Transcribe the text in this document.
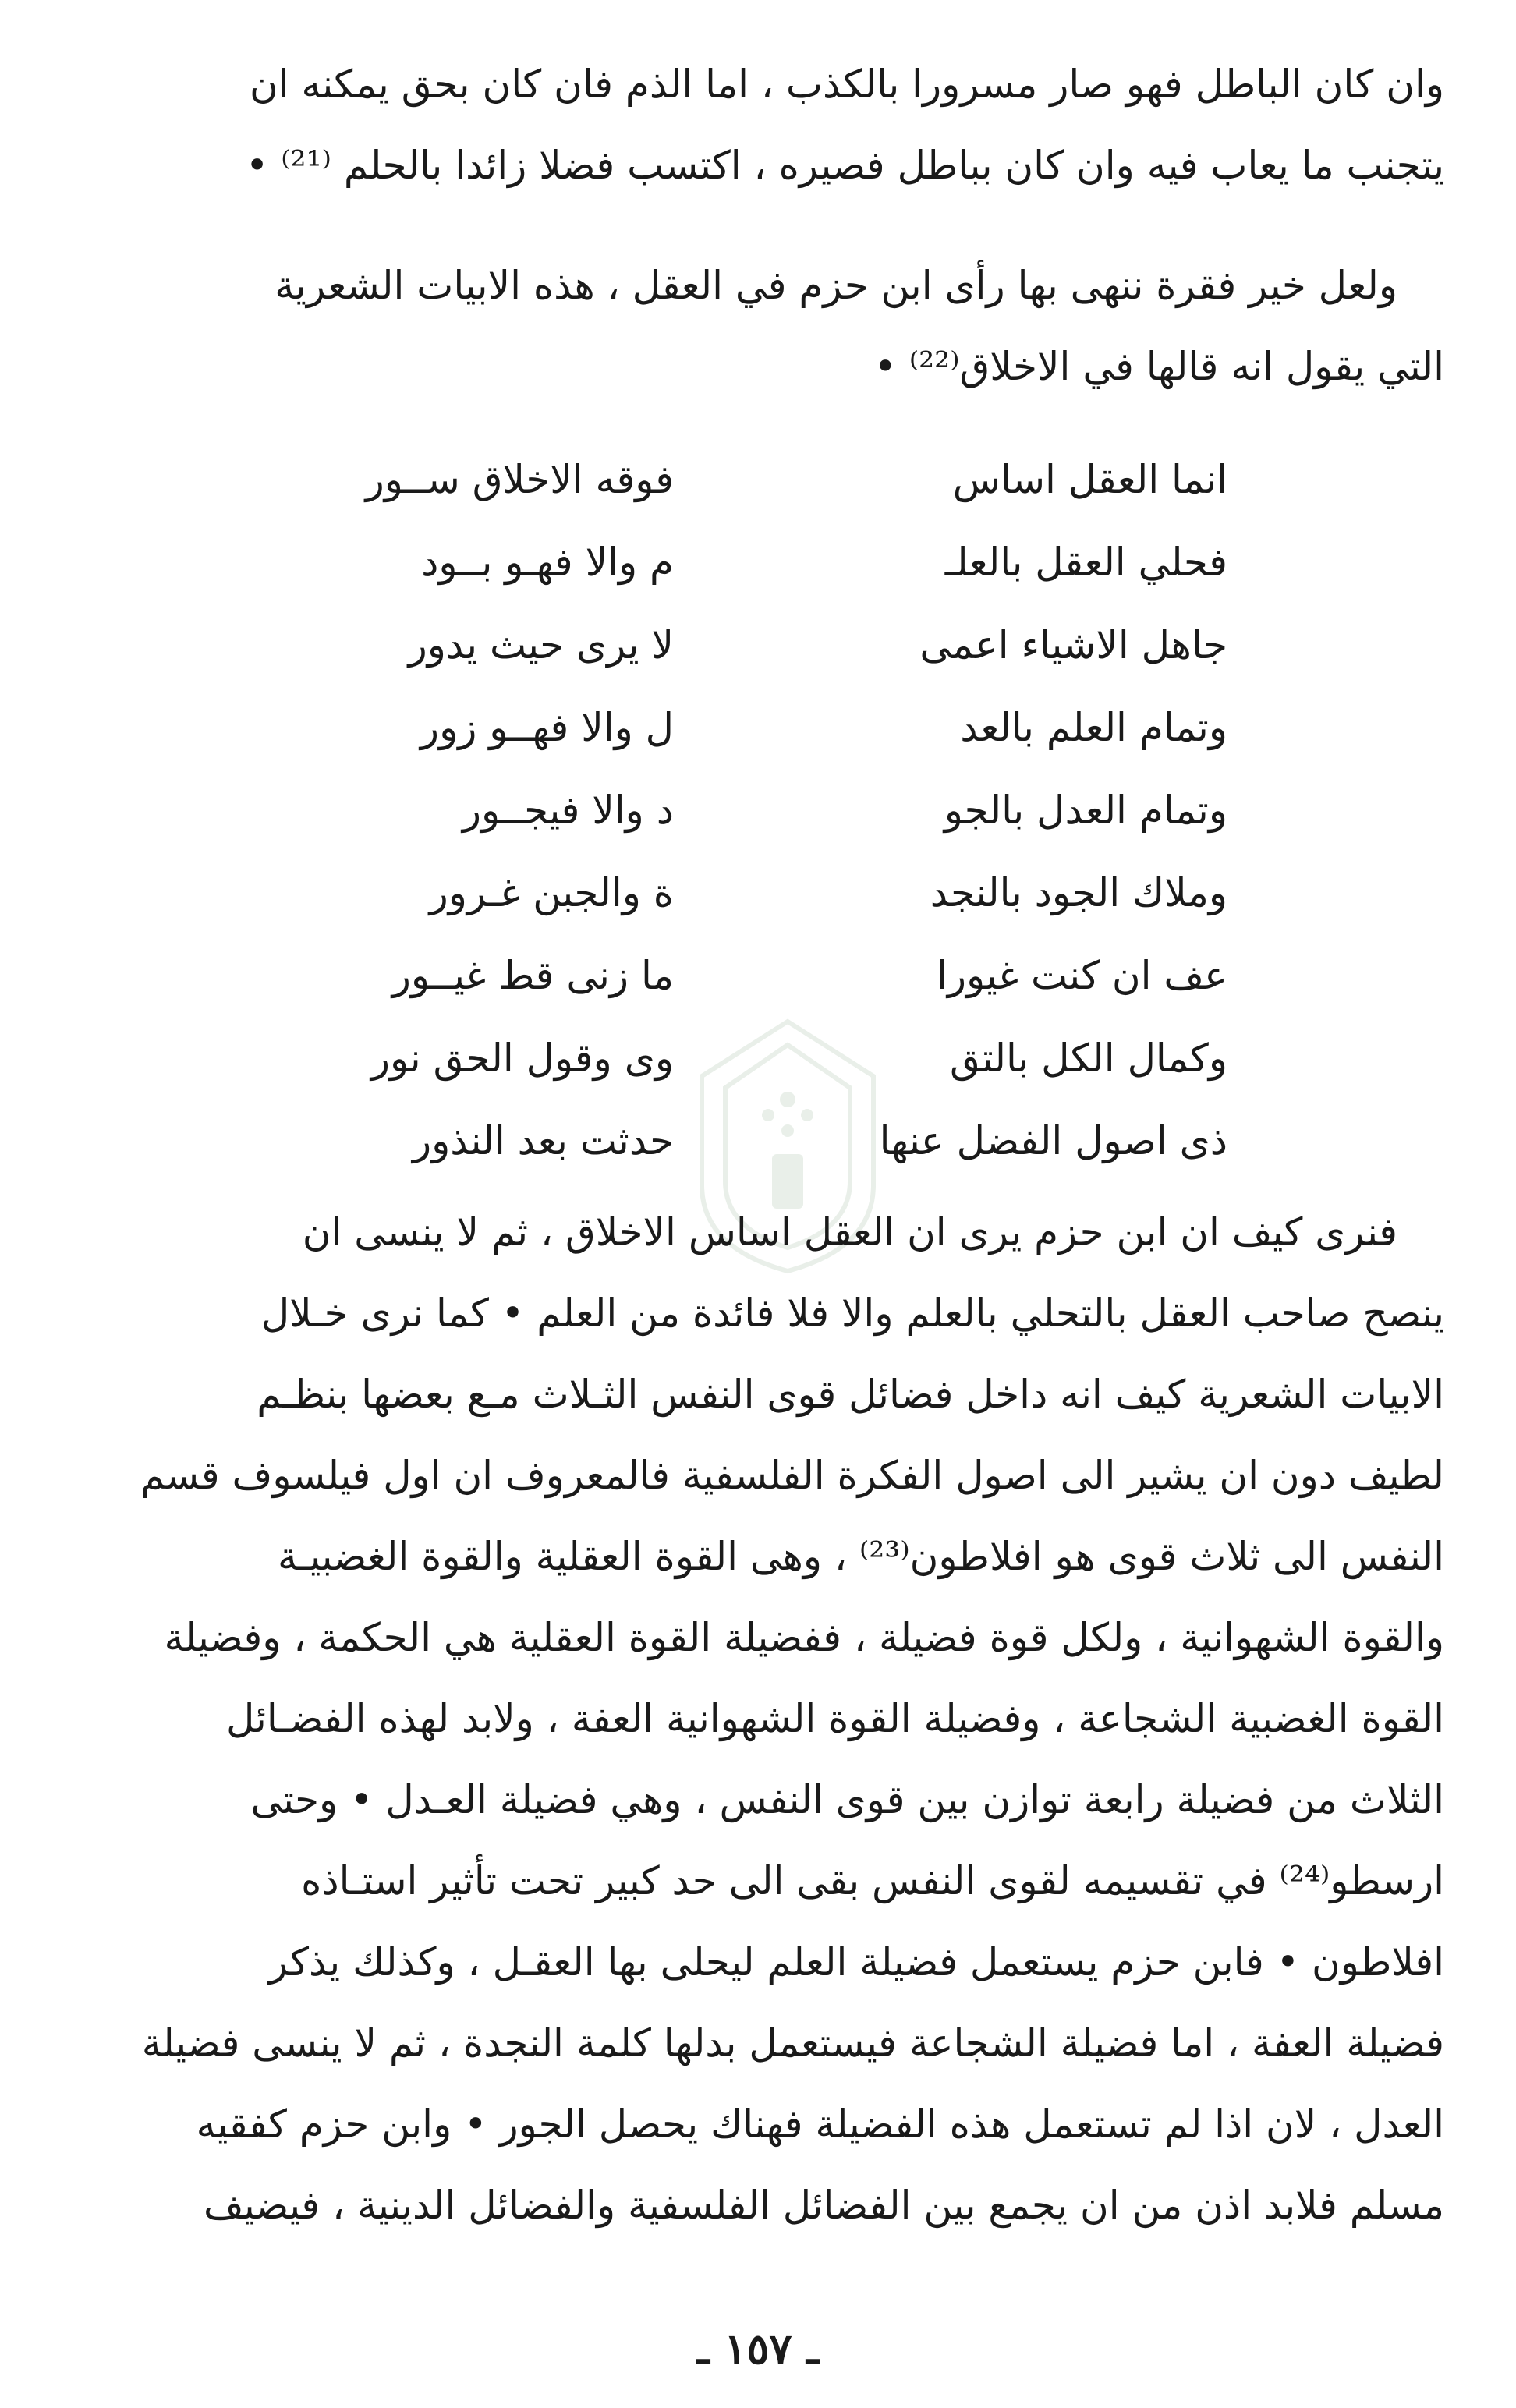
وان كان الباطل فهو صار مسرورا بالكذب ، اما الذم فان كان بحق يمكنه ان
يتجنب ما يعاب فيه وان كان بباطل فصيره ، اكتسب فضلا زائدا بالحلم ⁽²¹⁾ •
ولعل خير فقرة ننهى بها رأى ابن حزم في العقل ، هذه الابيات الشعرية
التي يقول انه قالها في الاخلاق⁽²²⁾ •
انما العقل اساس
فوقه الاخلاق ســور
فحلي العقل بالعلـ
م والا فهـو بــود
جاهل الاشياء اعمى
لا يرى حيث يدور
وتمام العلم بالعد
ل والا فهــو زور
وتمام العدل بالجو
د والا فيجــور
وملاك الجود بالنجد
ة والجبن غـرور
عف ان كنت غيورا
ما زنى قط غيــور
وكمال الكل بالتق
وى وقول الحق نور
ذى اصول الفضل عنها
حدثت بعد النذور
فنرى كيف ان ابن حزم يرى ان العقل اساس الاخلاق ، ثم لا ينسى ان
ينصح صاحب العقل بالتحلي بالعلم والا فلا فائدة من العلم • كما نرى خـلال
الابيات الشعرية كيف انه داخل فضائل قوى النفس الثـلاث مـع بعضها بنظـم
لطيف دون ان يشير الى اصول الفكرة الفلسفية فالمعروف ان اول فيلسوف قسم
النفس الى ثلاث قوى هو افلاطون⁽²³⁾ ، وهى القوة العقلية والقوة الغضبيـة
والقوة الشهوانية ، ولكل قوة فضيلة ، ففضيلة القوة العقلية هي الحكمة ، وفضيلة
القوة الغضبية الشجاعة ، وفضيلة القوة الشهوانية العفة ، ولابد لهذه الفضـائل
الثلاث من فضيلة رابعة توازن بين قوى النفس ، وهي فضيلة العـدل • وحتى
ارسطو⁽²⁴⁾ في تقسيمه لقوى النفس بقى الى حد كبير تحت تأثير استـاذه
افلاطون • فابن حزم يستعمل فضيلة العلم ليحلى بها العقـل ، وكذلك يذكر
فضيلة العفة ، اما فضيلة الشجاعة فيستعمل بدلها كلمة النجدة ، ثم لا ينسى فضيلة
العدل ، لان اذا لم تستعمل هذه الفضيلة فهناك يحصل الجور • وابن حزم كفقيه
مسلم فلابد اذن من ان يجمع بين الفضائل الفلسفية والفضائل الدينية ، فيضيف
ـ ١٥٧ ـ
